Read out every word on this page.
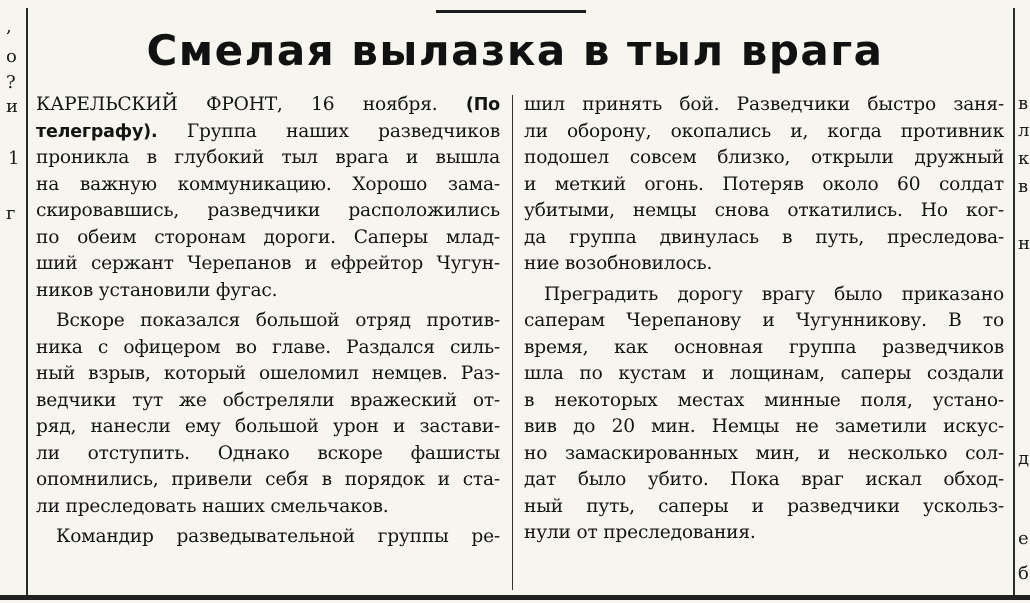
,
о
?
и
1
г
в
л
к
в
н
д
е
б
Смелая вылазка в тыл врага
КАРЕЛЬСКИЙ ФРОНТ, 16 ноября. (По
телеграфу). Группа наших разведчиков
проникла в глубокий тыл врага и вышла
на важную коммуникацию. Хорошо зама-
скировавшись, разведчики расположились
по обеим сторонам дороги. Саперы млад-
ший сержант Черепанов и ефрейтор Чугун-
ников установили фугас.
Вскоре показался большой отряд против-
ника с офицером во главе. Раздался силь-
ный взрыв, который ошеломил немцев. Раз-
ведчики тут же обстреляли вражеский от-
ряд, нанесли ему большой урон и застави-
ли отступить. Однако вскоре фашисты
опомнились, привели себя в порядок и ста-
ли преследовать наших смельчаков.
Командир разведывательной группы ре-
шил принять бой. Разведчики быстро заня-
ли оборону, окопались и, когда противник
подошел совсем близко, открыли дружный
и меткий огонь. Потеряв около 60 солдат
убитыми, немцы снова откатились. Но ког-
да группа двинулась в путь, преследова-
ние возобновилось.
Преградить дорогу врагу было приказано
саперам Черепанову и Чугунникову. В то
время, как основная группа разведчиков
шла по кустам и лощинам, саперы создали
в некоторых местах минные поля, устано-
вив до 20 мин. Немцы не заметили искус-
но замаскированных мин, и несколько сол-
дат было убито. Пока враг искал обход-
ный путь, саперы и разведчики ускольз-
нули от преследования.
